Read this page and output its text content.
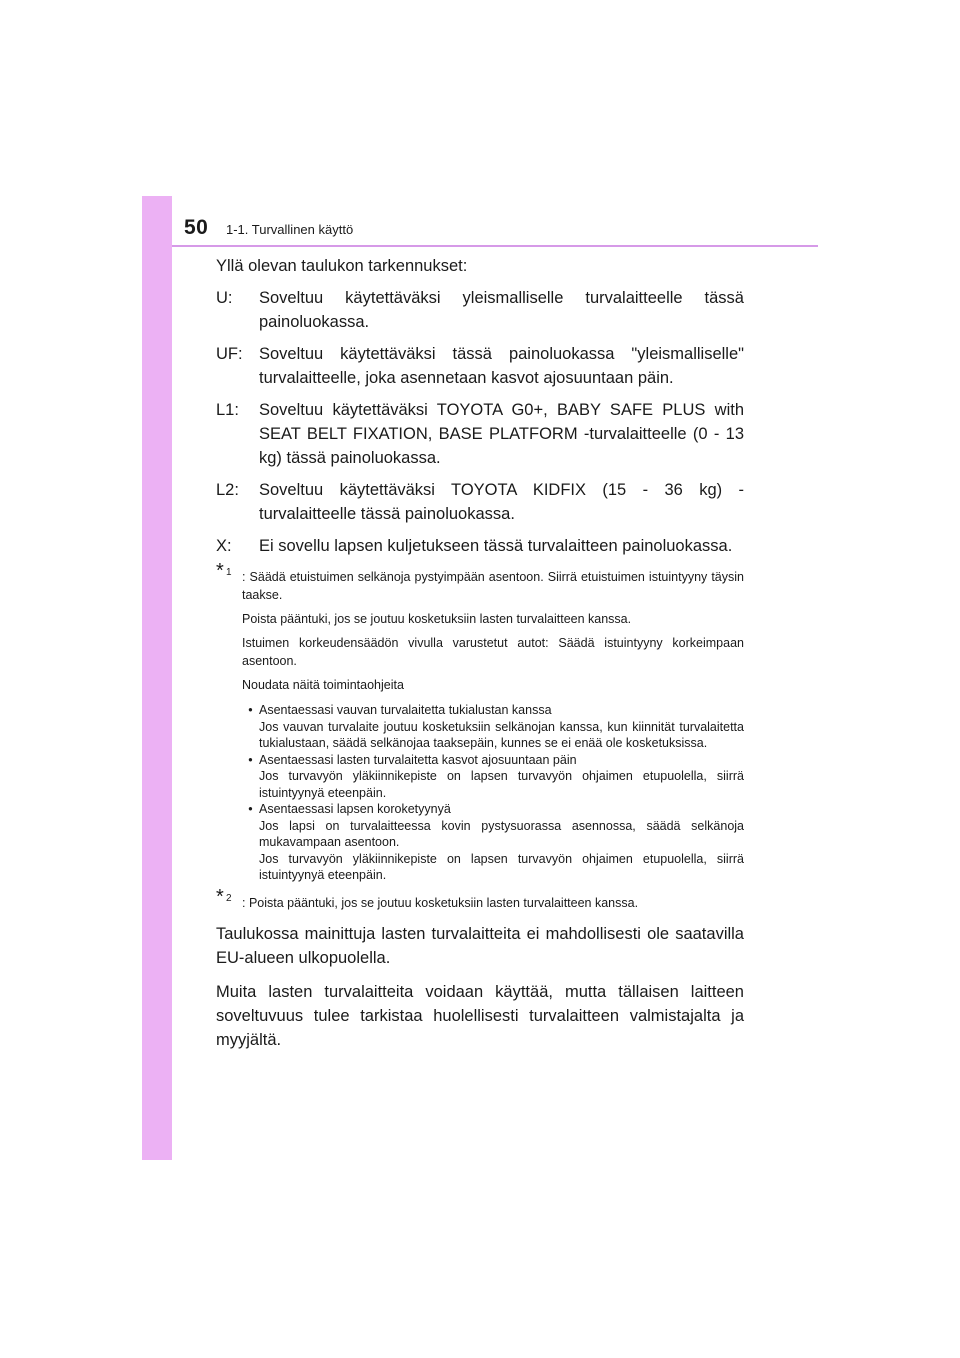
50 1-1. Turvallinen käyttö

Yllä olevan taulukon tarkennukset:

U:	Soveltuu käytettäväksi yleismalliselle turvalaitteelle tässä painoluokassa.
UF: Soveltuu käytettäväksi tässä painoluokassa "yleismalliselle" turvalaitteelle, joka asennetaan kasvot ajosuuntaan päin.
L1:	Soveltuu käytettäväksi TOYOTA G0+, BABY SAFE PLUS with SEAT BELT FIXATION, BASE PLATFORM -turvalaitteelle (0 - 13 kg) tässä painoluokassa.
L2:	Soveltuu käytettäväksi TOYOTA KIDFIX (15 - 36 kg) -turvalaitteelle tässä painoluokassa.
X:	Ei sovellu lapsen kuljetukseen tässä turvalaitteen painoluokassa.
* 1 : Säädä etuistuimen selkänoja pystyimpään asentoon. Siirrä etuistuimen istuintyyny täysin taakse.

Poista pääntuki, jos se joutuu kosketuksiin lasten turvalaitteen kanssa.

Istuimen korkeudensäädön vivulla varustetut autot: Säädä istuintyyny korkeimpaan asentoon.

Noudata näitä toimintaohjeita

• Asentaessasi vauvan turvalaitetta tukialustan kanssa
Jos vauvan turvalaite joutuu kosketuksiin selkänojan kanssa, kun kiinnität turvalaitetta tukialustaan, säädä selkänojaa taaksepäin, kunnes se ei enää ole kosketuksissa.
• Asentaessasi lasten turvalaitetta kasvot ajosuuntaan päin
Jos turvavyön yläkiinnikepiste on lapsen turvavyön ohjaimen etupuolella, siirrä istuintyynyä eteenpäin.
• Asentaessasi lapsen koroketyynyä
Jos lapsi on turvalaitteessa kovin pystysuorassa asennossa, säädä selkänoja mukavampaan asentoon.
Jos turvavyön yläkiinnikepiste on lapsen turvavyön ohjaimen etupuolella, siirrä istuintyynyä eteenpäin.
* 2 : Poista pääntuki, jos se joutuu kosketuksiin lasten turvalaitteen kanssa.

Taulukossa mainittuja lasten turvalaitteita ei mahdollisesti ole saatavilla EU-alueen ulkopuolella.

Muita lasten turvalaitteita voidaan käyttää, mutta tällaisen laitteen soveltuvuus tulee tarkistaa huolellisesti turvalaitteen valmistajalta ja myyjältä.
